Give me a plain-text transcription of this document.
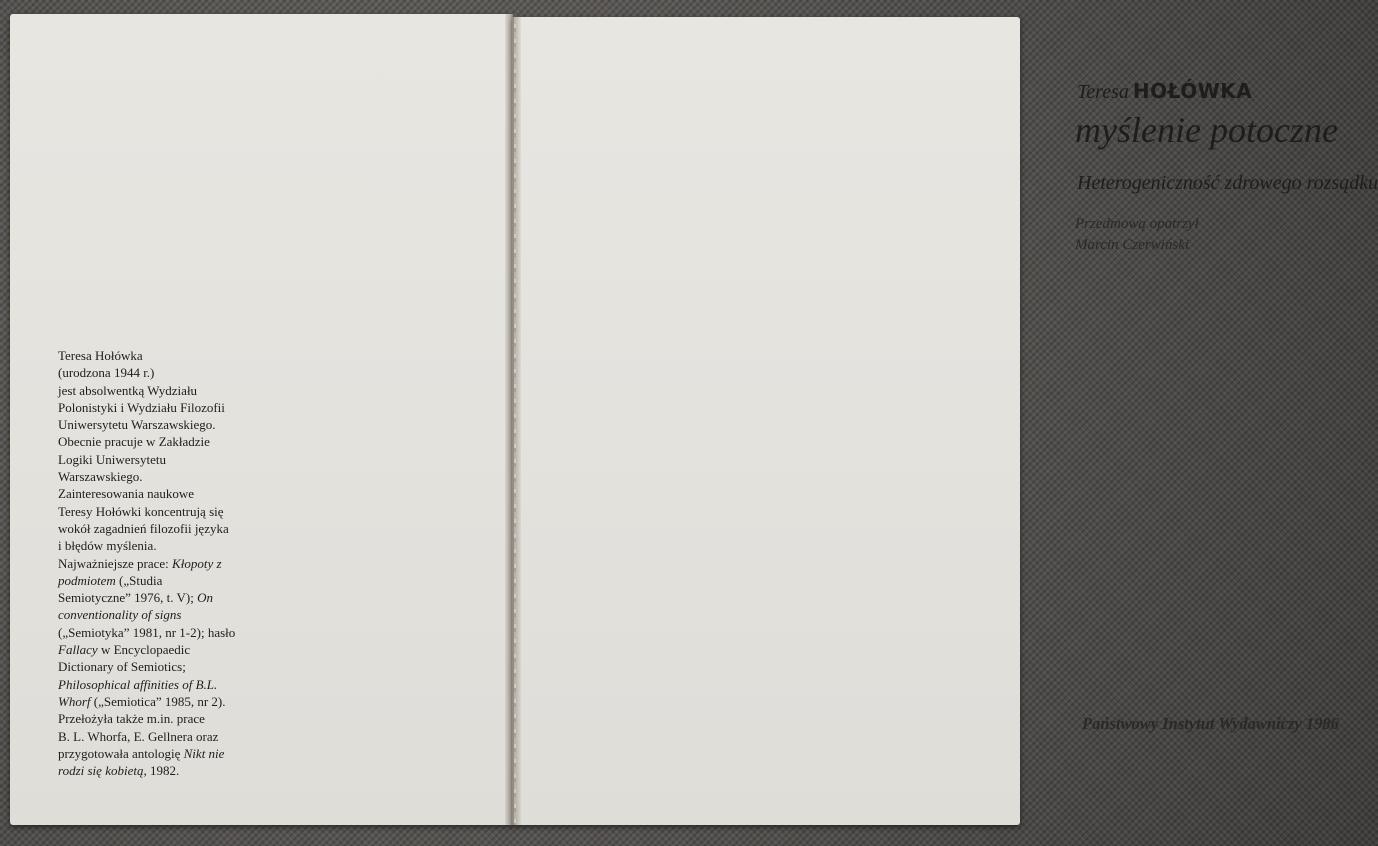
Teresa Hołówka
(urodzona 1944 r.)
jest absolwentką Wydziału
Polonistyki i Wydziału Filozofii
Uniwersytetu Warszawskiego.
Obecnie pracuje w Zakładzie
Logiki Uniwersytetu
Warszawskiego.
Zainteresowania naukowe
Teresy Hołówki koncentrują się
wokół zagadnień filozofii języka
i błędów myślenia.
Najważniejsze prace: Kłopoty z
podmiotem („Studia
Semiotyczne” 1976, t. V); On
conventionality of signs
(„Semiotyka” 1981, nr 1-2); hasło
Fallacy w Encyclopaedic
Dictionary of Semiotics;
Philosophical affinities of B.L.
Whorf („Semiotica” 1985, nr 2).
Przełożyła także m.in. prace
B. L. Whorfa, E. Gellnera oraz
przygotowała antologię Nikt nie
rodzi się kobietą, 1982.
Teresa HOŁÓWKA
myślenie potoczne
Heterogeniczność zdrowego rozsądku
Przedmową opatrzył
Marcin Czerwiński
Państwowy Instytut Wydawniczy 1986
